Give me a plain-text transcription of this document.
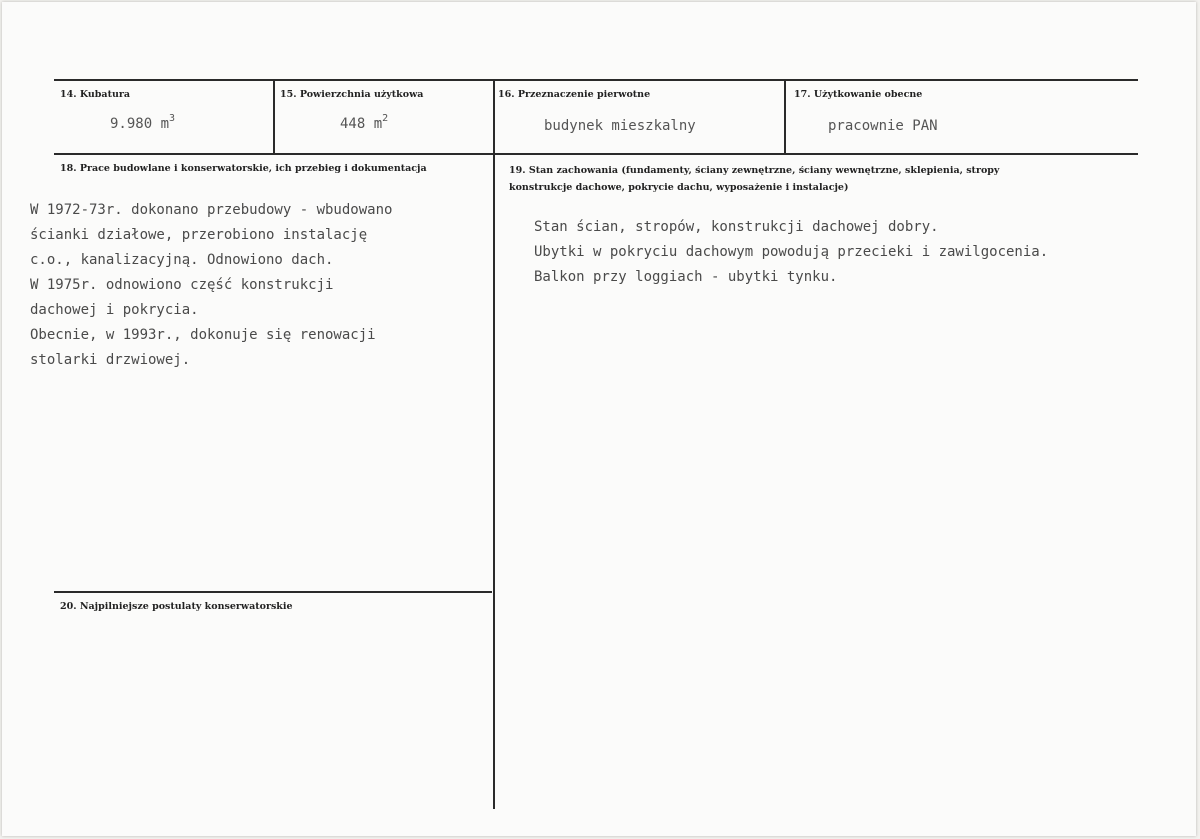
14. Kubatura
9.980 $m^3$
15. Powierzchnia użytkowa
448 $m^2$
16. Przeznaczenie pierwotne
budynek mieszkalny
17. Użytkowanie obecne
pracownie PAN
18. Prace budowlane i konserwatorskie, ich przebieg i dokumentacja
W 1972-73r. dokonano przebudowy - wbudowano
ścianki działowe, przerobiono instalację
c.o., kanalizacyjną. Odnowiono dach.
W 1975r. odnowiono część konstrukcji
dachowej i pokrycia.
Obecnie, w 1993r., dokonuje się renowacji
stolarki drzwiowej.
19. Stan zachowania (fundamenty, ściany zewnętrzne, ściany wewnętrzne, sklepienia, stropy
konstrukcje dachowe, pokrycie dachu, wyposażenie i instalacje)
Stan ścian, stropów, konstrukcji dachowej dobry.
Ubytki w pokryciu dachowym powodują przecieki i zawilgocenia.
Balkon przy loggiach - ubytki tynku.
20. Najpilniejsze postulaty konserwatorskie
